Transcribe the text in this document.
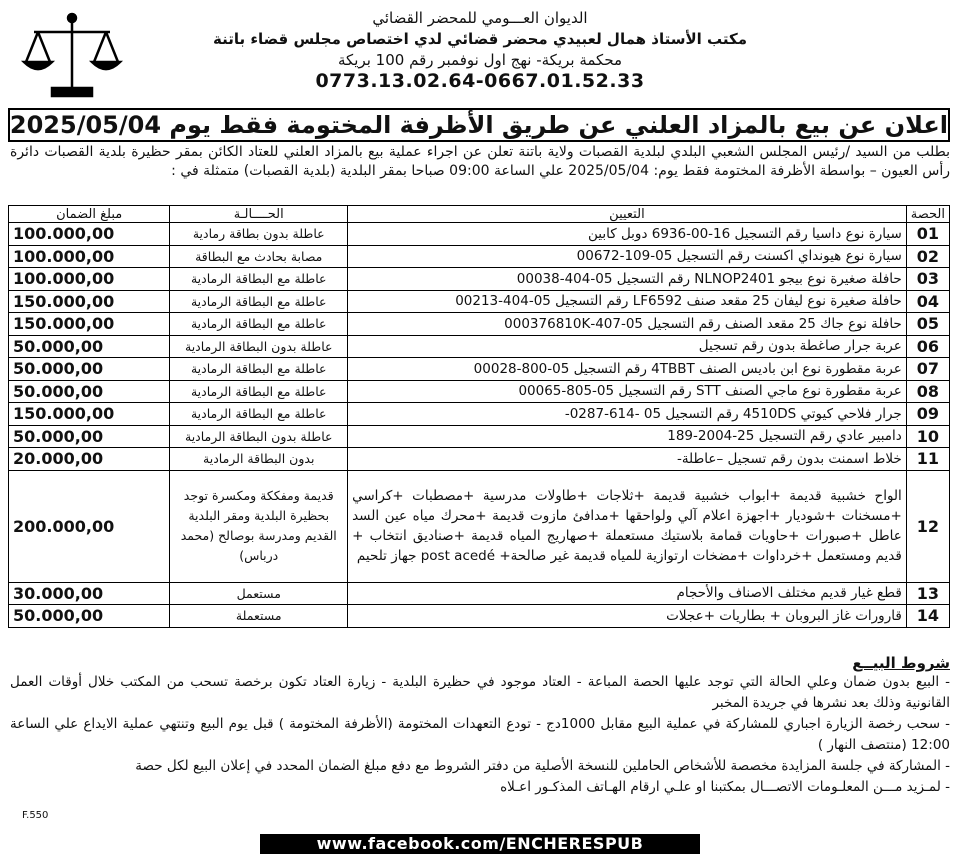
الديوان العـــومي للمحضر القضائي
مكتب الأستاذ همال لعبيدي محضر قضائي لدي اختصاص مجلس قضاء باتنة
محكمة بريكة- نهج اول نوفمبر رقم 100 بريكة
0773.13.02.64-0667.01.52.33
اعلان عن بيع بالمزاد العلني عن طريق الأظرفة المختومة فقط يوم 2025/05/04
بطلب من السيد /رئيس المجلس الشعبي البلدي لبلدية القصبات ولاية باتنة تعلن عن اجراء عملية بيع بالمزاد العلني للعتاد الكائن بمقر حظيرة بلدية القصبات دائرة رأس العيون – بواسطة الأظرفة المختومة فقط يوم: 2025/05/04 علي الساعة 09:00 صباحا بمقر البلدية (بلدية القصبات) متمثلة في :
الحصة	التعيين	الحــــالـة	مبلغ الضمان
01	سيارة نوع داسيا رقم التسجيل 16-00-6936 دوبل كابين	عاطلة بدون بطاقة رمادية	100.000,00
02	سيارة نوع هيونداي اكسنت رقم التسجيل 05-109-00672	مصابة بحادث مع البطاقة	100.000,00
03	حافلة صغيرة نوع بيجو NLNOP2401 رقم التسجيل 05-404-00038	عاطلة مع البطاقة الرمادية	100.000,00
04	حافلة صغيرة نوع ليفان 25 مقعد صنف LF6592 رقم التسجيل 05-404-00213	عاطلة مع البطاقة الرمادية	150.000,00
05	حافلة نوع جاك 25 مقعد الصنف رقم التسجيل 05-407-000376810K	عاطلة مع البطاقة الرمادية	150.000,00
06	عربة جرار صاغطة بدون رقم تسجيل	عاطلة بدون البطاقة الرمادية	50.000,00
07	عربة مقطورة نوع ابن باديس الصنف 4TBBT رقم التسجيل 05-800-00028	عاطلة مع البطاقة الرمادية	50.000,00
08	عربة مقطورة نوع ماجي الصنف STT رقم التسجيل 05-805-00065	عاطلة مع البطاقة الرمادية	50.000,00
09	جرار فلاحي كيوتي 4510DS رقم التسجيل 05 -614-0287-	عاطلة مع البطاقة الرمادية	150.000,00
10	دامبير عادي رقم التسجيل 25-2004-189	عاطلة بدون البطاقة الرمادية	50.000,00
11	خلاط اسمنت بدون رقم تسجيل –عاطلة-	بدون البطاقة الرمادية	20.000,00
12	الواح خشبية قديمة +ابواب خشبية قديمة +ثلاجات +طاولات مدرسية +مصطبات +كراسي +مسخنات +شوديار +اجهزة اعلام آلي ولواحقها +مدافئ مازوت قديمة +محرك مياه عين السد عاطل +صبورات +حاويات قمامة بلاستيك مستعملة +صهاريج المياه قديمة +صناديق انتخاب + قديم ومستعمل +خرداوات +مضخات ارتوازية للمياه قديمة غير صالحة+ post acedé جهاز تلحيم	قديمة ومفككة ومكسرة توجد بحظيرة البلدية ومقر البلدية القديم ومدرسة بوصالح (محمد درباس)	200.000,00
13	قطع غيار قديم مختلف الاصناف والأحجام	مستعمل	30.000,00
14	قارورات غاز البروبان + بطاريات +عجلات	مستعملة	50.000,00
شروط البيــع

- البيع بدون ضمان وعلي الحالة التي توجد عليها الحصة المباعة - العتاد موجود في حظيرة البلدية - زيارة العتاد تكون برخصة تسحب من المكتب خلال أوقات العمل القانونية وذلك بعد نشرها في جريدة المخبر

- سحب رخصة الزيارة اجباري للمشاركة في عملية البيع مقابل 1000دج - تودع التعهدات المختومة (الأظرفة المختومة ) قبل يوم البيع وتنتهي عملية الايداع علي الساعة 12:00 (منتصف النهار )

- المشاركة في جلسة المزايدة مخصصة للأشخاص الحاملين للنسخة الأصلية من دفتر الشروط مع دفع مبلغ الضمان المحدد في إعلان البيع لكل حصة

- لمـزيد مـــن المعلـومات الاتصـــال بمكتبنا او علـي ارقام الهـاتف المذكـور اعـلاه

F.550
www.facebook.com/ENCHERESPUB
